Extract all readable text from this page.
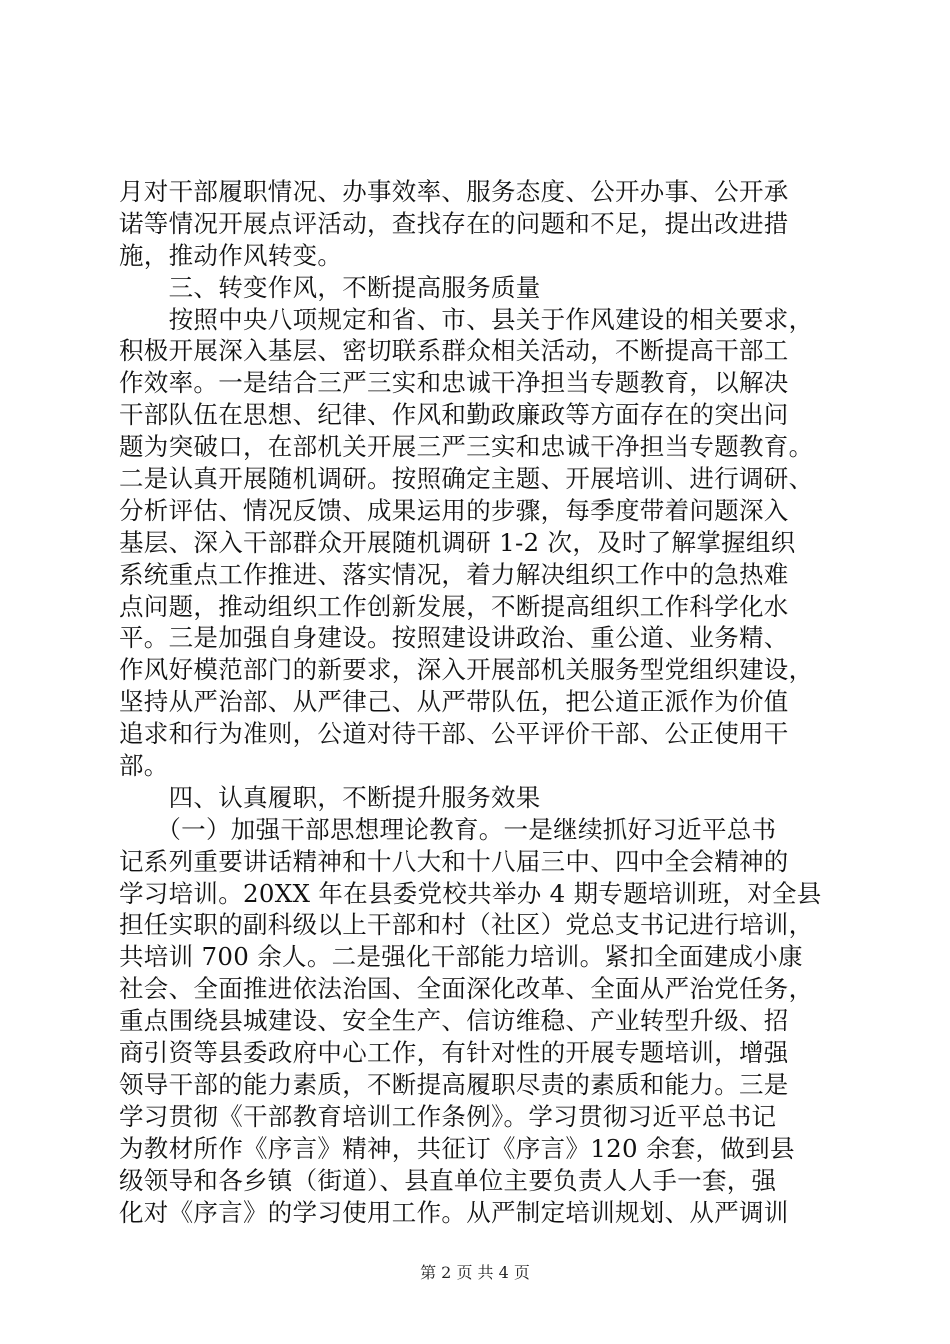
月对干部履职情况、办事效率、服务态度、公开办事、公开承
诺等情况开展点评活动，查找存在的问题和不足，提出改进措
施，推动作风转变。
　　三、转变作风，不断提高服务质量
　　按照中央八项规定和省、市、县关于作风建设的相关要求，
积极开展深入基层、密切联系群众相关活动，不断提高干部工
作效率。一是结合三严三实和忠诚干净担当专题教育，以解决
干部队伍在思想、纪律、作风和勤政廉政等方面存在的突出问
题为突破口，在部机关开展三严三实和忠诚干净担当专题教育。
二是认真开展随机调研。按照确定主题、开展培训、进行调研、
分析评估、情况反馈、成果运用的步骤，每季度带着问题深入
基层、深入干部群众开展随机调研 1-2 次，及时了解掌握组织
系统重点工作推进、落实情况，着力解决组织工作中的急热难
点问题，推动组织工作创新发展，不断提高组织工作科学化水
平。三是加强自身建设。按照建设讲政治、重公道、业务精、
作风好模范部门的新要求，深入开展部机关服务型党组织建设，
坚持从严治部、从严律己、从严带队伍，把公道正派作为价值
追求和行为准则，公道对待干部、公平评价干部、公正使用干
部。
　　四、认真履职，不断提升服务效果
　　（一）加强干部思想理论教育。一是继续抓好习近平总书
记系列重要讲话精神和十八大和十八届三中、四中全会精神的
学习培训。20XX 年在县委党校共举办 4 期专题培训班，对全县
担任实职的副科级以上干部和村（社区）党总支书记进行培训，
共培训 700 余人。二是强化干部能力培训。紧扣全面建成小康
社会、全面推进依法治国、全面深化改革、全面从严治党任务，
重点围绕县城建设、安全生产、信访维稳、产业转型升级、招
商引资等县委政府中心工作，有针对性的开展专题培训，增强
领导干部的能力素质，不断提高履职尽责的素质和能力。三是
学习贯彻《干部教育培训工作条例》。学习贯彻习近平总书记
为教材所作《序言》精神，共征订《序言》120 余套，做到县
级领导和各乡镇（街道）、县直单位主要负责人人手一套，强
化对《序言》的学习使用工作。从严制定培训规划、从严调训
第 2 页 共 4 页
